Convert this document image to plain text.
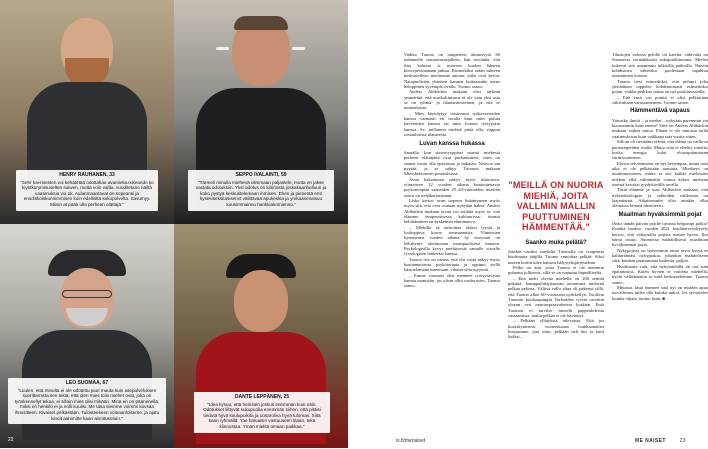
HENRY RAUHANEN, 33
"Sehr kai-miesten voi kehätetää odottakaa avamieluu ukeandn ko kiyntkorymisuselten suiwen, mutta voin valita, vuoditetano näiltä vaatimuksia voi ok. Aulanmaantavat on sopeansi ja ensdiskoiskunnimmisen kuin edellisltä sukupolvelta. Savumyy. Miisin at pääk ulla perheen elättäjä."
SEPPO IVALAINTI, 59
"Tärmeli minulla miehenä olimmaan paljastele, mutta en jakse vastata odotuksiin. Yksi odotus on kiinnosta jossakaanhelluun ja koko pystyä keskustelemaan ihmisen. Ehen ja pienentä enti kysesiseksitasisenvt välittävää apukeskia ja ymkaanevaisuu kuusimmainnu hankkiakomienso."
LEO SUOMAA, 67
"Luulen, että minulta ei ole odotettu juuri muuta kuin asepalveluksen suorittamista sen tekiä, että olen mies toisi miehet ovat, joka on työskennellyt tekoa, ei silloin mies olisi mikään. Minä en on päänenellä, miksi en henkilö ei ja nolli kuulisi. Me tasa siemme voimmi kovsaa ihmisitleen. Kivaiset pelkästään. Tulosteeseen voinaanloiseme, ja ajatu kinoit aahimitte kaan aivoitusotoin."
DANTE LEPPÄNEN, 25
"Idea kysuu, että heinsien joskus enemmän kuin näin. Odotukset liittyvät sukupuolia enemmän siihen, että pitäisi tiedutä hyvä koulupoikita ja uosaroliva hyvä tulomas. Siitä kaan ryhmällä. Yae haluaisin vastuuseen tilaan, tekä kiinnostaa. Ymän mielitä omaan paikkaa."
22

Vaikka Tuomo on tampereen äiminsvytä 60 tuhannelle somuseuraajalleen, hän myöntää, että ilan kahesta si misesen kuolen häneen kierrejuvalaanaan jatkuu. Esimerkiksi erään suhteen keskustelleen miehensää aniona, joiha oval hyvin. Natapuolisten yhteisen kannen hoituatenhe mene heloppinen syvemplo ovallu. Tuomo sanoo.

Anders Ahlbäckin mukaan olisi tärkeää ymmärtää, että maskuliinisuus ei ole vain yksi asia se on ryhmä- ja tilanneulosteinen, ja että se monenlaista.

– Mies käyttäytyy toisinnosa työkaverseiden kanssa varmasti eri tavalla kuin mies puhua kavereiden kanssa tai mies kotona työtyytäin kanssa. Se, millainen mieheä pitää olla, riippuu sosiaalisesta tilanteesta.

Luvan kanssa hukassa

Samalla, kun stereotyyppiset normit miehestä perheen elättäjänä ovat purkautuneet, mies on saanut luvan olla epävarma ja hukassa. Neuvoa saa pyytää, ja se näkyy Tuomon mukaan Miessheikoneen postauksissa.

Avun hakeminen näkyy myös tilastoissa: viimeisten 12 vuoden aikana kuntoutettavia psykoterapiaa saaneiden 25–44-vuotiaiden miesten osuus on neljäkertaistunut.

Lisko kertoo avun tarpeen lisääntyneen myös myös sitä, että ovat osataan nykyään hakea. Anders Ahlbäckin mukaan luvan voi selittää myös se, että elämme terapeuttisessa kulttuurissa: itsensä kehittäminen on keskeinen elämänarvo.

– Miehille se tarkoittaa aluksi lyysiä ja loukoppiva koron tresmaamista. Viimeisten kymmenen vuoden aikana hy vinvointi on kehittynyt ulottumaan monipuolisesti muuten. Psykologisilla kyvyt merkitsevät samalle virvalle fysiologisen laitteeksi kanssa.

Tuomo itse on varma, että elsi vasta näkyy myös kustannuttavaa psykoterapia ja oppinut siellä käsittelemään tunteitaan, vihasta silta myymiä.

– Emme varmasti olisi menneet työtyytäväinä kanssa naimisiin, jos olisin ollut vanha mies, Tuomo sanoo.

"MEILLÄ ON NUORIA MIEHIÄ, JOITA VALLMIN MALLIN PUUTTUMINEN HÄMMENTÄÄ."
Saanko muka pelätä?

Joinkin varaksi miehiltä Tuomolla on vrrapinsia huolimatta jääjillä. Tuomo ennoittaa pelkää. Siksi uuteen kotiin tulee kattava hälyytyksjärjestelmä.

Pelko on asia, josta Tuomo ei ole aiemmin puhunut julkisesti, sillä se on tuntunut häpeälliseltä.

– Eitä mekt olevaa miehellä on 200 senttiä pitkänä, kamppailulajitaustan omaavana miehenä pelkaa pelosta. Välitsä vallu altaa oli pakenyt sillä, että Tuomo alkoi 60-vuotiaana nyrkkeilyn. Tuolloin Tuomon kotikaupungin Varkauden ryssiä ostettiin yhtean veti marttaspraavalteteia koskien. Eniä Tuomon ei turvilee mietelä pappeuhdeista vastaamista, mutta pelkää ei ole hävinnyt.

– Pelkään yllätyksiä tulevaista. Etiä jos koskittymisesti vuoteentaaaa loukkaantulisi korjaamme, jota esim. pelkään neb dos ja kaiti lisäksi...

Tilastojen valossa pelolle on katetta: väkivalta on Suomessa voimakkaasti sukupuolittunutta. Miehet kokevat sitä useammin julkisilla paikoilla. Naisiin kohdistuva väkivalta puolestaan tapahtuu useimmiten kotona.

Tuomo tiesi esimerkiksi, että peluuri joka yksinäinen tappelee kohduttomasti esimerkiksi pojan, vaikka pelkkaa saitua on nyt puoliinvaaralla.

– Että ensä vos pointti ei olisi pelkästään väkivaltaan varustanteneen, Tuomo sanoo.

Hämmentävä vapaus

Vaivatko ilmiöt – ja miehet – nykyään paremmin vai huonommin kuin ennen? Siitä on Anders Ahlbäckin mukaan vaikea sanoa. Elämä ei ole sanoisia tailla vaatimuksista kuin vaikkapa sata vuotta sitten.

Silloin oli tiesitääm selvää, että elämä on vailla sa peruutarpeiden osalla. Mutta siitä ei elteltty miettiä, koska energia kului elossapitämiseen varmistamiseen.

Elossa selviämiseen on nyt herjempaa, mutta uusi aika ei ole pelkästään autuutta. Miesheys on monimuotoinen, mutta ei siis kaikki mielessäsi miehen eikä välttämättä voinut kokea miehenä itsensä kovaksi tyydyttävällä tavalla.

Tästä elämme ja uusi Ahlbäckin mukaan, että nykyteknologian ja suhteiden valikoima on laajentunut. Aikaisemmin olisi ainakin ollut olemassa kiinteä identiteetti.

Maailman hyväksimmät pojat

Onko tämän päivän pojille tuvassa helpompi polku? Kuinka tuomio, vuoden 2021 kouluterveyskysely kertoo, että valtaosalla pojista menee hyvin. Ilse nämä osuus. Suomessa mahdollisesti maailman hyväksimmät pojat.

Nykypojista on harvemmin omat arvot kysyä se kalitartämäsi nykypoikia, johonkin mahdoliseen siitä, kunhan puuttumatta kaikesta, paljon.

Huolimatta siitä, että nykymiehillä on osa isän epäinnostus. Kuten hyvien ei vaittena miehellä, hyvin välittämätön se mitä keskustelemme. Tuomo sanoo.

Minusta, tästä mennee sinä nyt on muiden apua turvallisuus tullee olla kuinka mikoi. Jos tavoittelee kuinka ohjata, tuomo lisää. ■

is.fi/menaiset	ME NAISET	23
